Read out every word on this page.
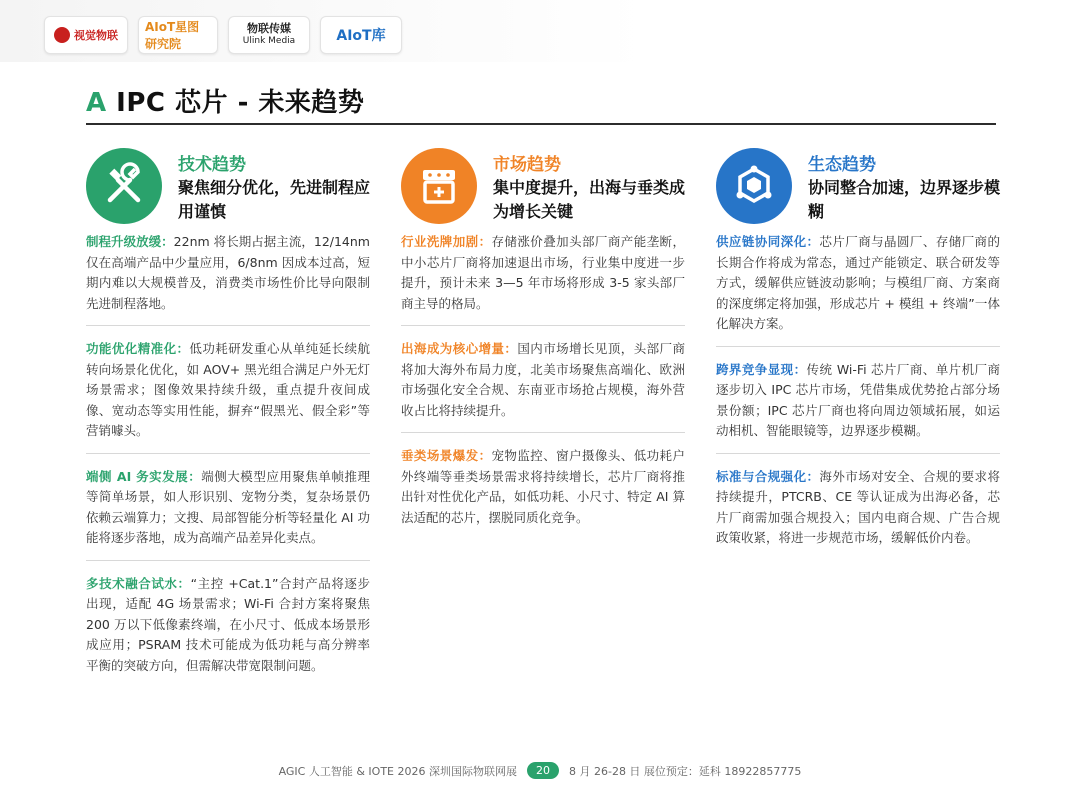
视觉物联
AIoT星图 研究院
物联传媒
Ulink Media	AIoT库
A IPC 芯片 - 未来趋势
技术趋势
聚焦细分优化，先进制程应用谨慎
制程升级放缓：22nm 将长期占据主流，12/14nm 仅在高端产品中少量应用，6/8nm 因成本过高，短期内难以大规模普及，消费类市场性价比导向限制先进制程落地。
功能优化精准化：低功耗研发重心从单纯延长续航转向场景化优化，如 AOV+ 黑光组合满足户外无灯场景需求；图像效果持续升级，重点提升夜间成像、宽动态等实用性能，摒弃“假黑光、假全彩”等营销噱头。
端侧 AI 务实发展：端侧大模型应用聚焦单帧推理等简单场景，如人形识别、宠物分类，复杂场景仍依赖云端算力；文搜、局部智能分析等轻量化 AI 功能将逐步落地，成为高端产品差异化卖点。
多技术融合试水：“主控 +Cat.1”合封产品将逐步出现，适配 4G 场景需求；Wi-Fi 合封方案将聚焦 200 万以下低像素终端，在小尺寸、低成本场景形成应用；PSRAM 技术可能成为低功耗与高分辨率平衡的突破方向，但需解决带宽限制问题。
市场趋势
集中度提升，出海与垂类成为增长关键
行业洗牌加剧：存储涨价叠加头部厂商产能垄断，中小芯片厂商将加速退出市场，行业集中度进一步提升，预计未来 3—5 年市场将形成 3-5 家头部厂商主导的格局。
出海成为核心增量：国内市场增长见顶，头部厂商将加大海外布局力度，北美市场聚焦高端化、欧洲市场强化安全合规、东南亚市场抢占规模，海外营收占比将持续提升。
垂类场景爆发：宠物监控、窗户摄像头、低功耗户外终端等垂类场景需求将持续增长，芯片厂商将推出针对性优化产品，如低功耗、小尺寸、特定 AI 算法适配的芯片，摆脱同质化竞争。
生态趋势
协同整合加速，边界逐步模糊
供应链协同深化：芯片厂商与晶圆厂、存储厂商的长期合作将成为常态，通过产能锁定、联合研发等方式，缓解供应链波动影响；与模组厂商、方案商的深度绑定将加强，形成芯片 + 模组 + 终端”一体化解决方案。
跨界竞争显现：传统 Wi-Fi 芯片厂商、单片机厂商逐步切入 IPC 芯片市场，凭借集成优势抢占部分场景份额；IPC 芯片厂商也将向周边领域拓展，如运动相机、智能眼镜等，边界逐步模糊。
标准与合规强化：海外市场对安全、合规的要求将持续提升，PTCRB、CE 等认证成为出海必备，芯片厂商需加强合规投入；国内电商合规、广告合规政策收紧，将进一步规范市场，缓解低价内卷。
AGIC 人工智能 & IOTE 2026 深圳国际物联网展	20	8 月 26-28 日 展位预定：延科 18922857775
